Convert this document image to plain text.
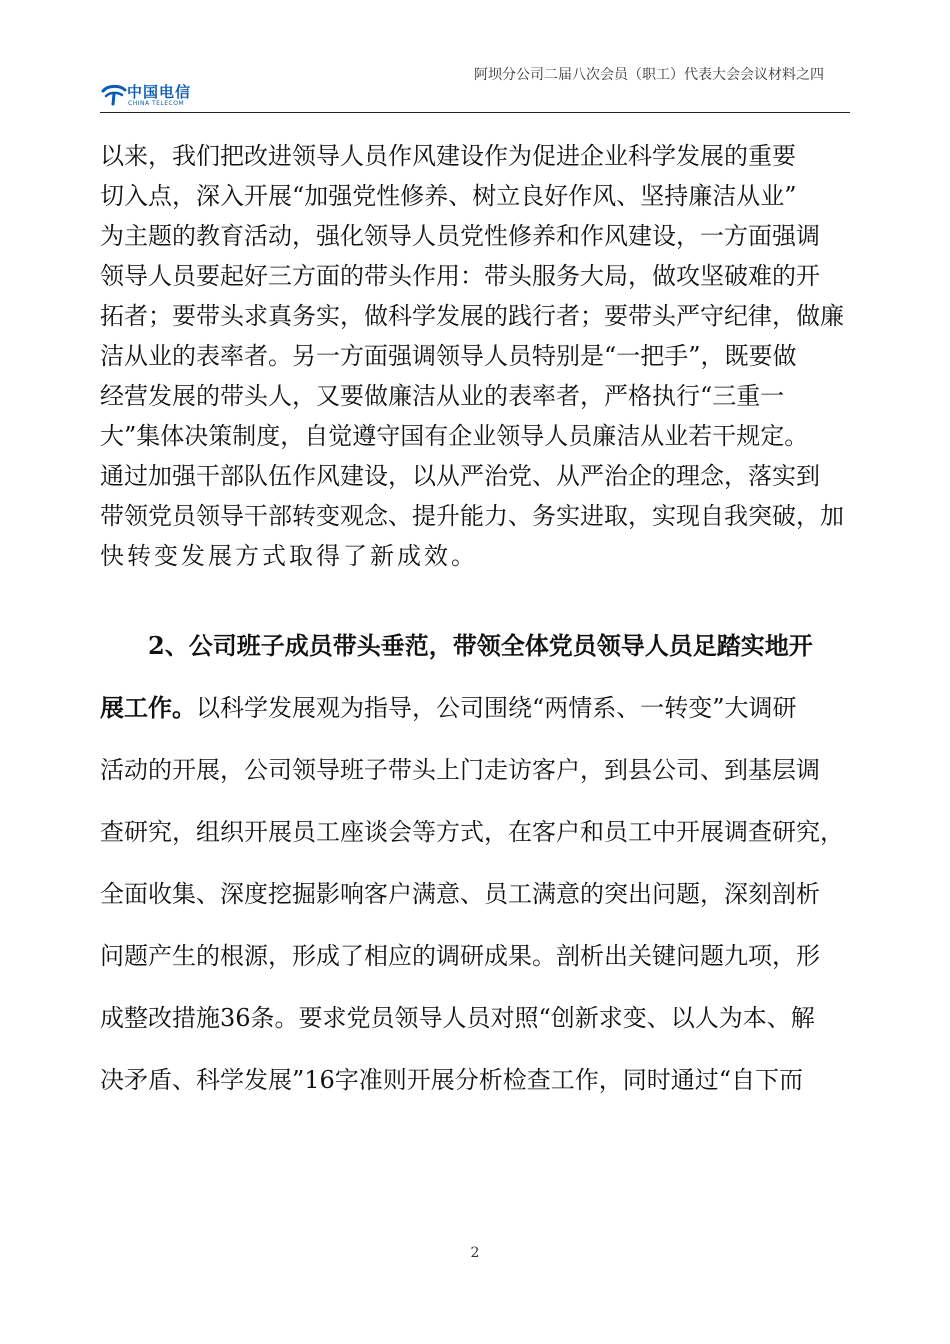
中国电信
CHINA TELECOM
阿坝分公司二届八次会员（职工）代表大会会议材料之四
以来，我们把改进领导人员作风建设作为促进企业科学发展的重要
切入点，深入开展“加强党性修养、树立良好作风、坚持廉洁从业”
为主题的教育活动，强化领导人员党性修养和作风建设，一方面强调
领导人员要起好三方面的带头作用：带头服务大局，做攻坚破难的开
拓者；要带头求真务实，做科学发展的践行者；要带头严守纪律，做廉
洁从业的表率者。另一方面强调领导人员特别是“一把手”，既要做
经营发展的带头人，又要做廉洁从业的表率者，严格执行“三重一
大”集体决策制度，自觉遵守国有企业领导人员廉洁从业若干规定。
通过加强干部队伍作风建设，以从严治党、从严治企的理念，落实到
带领党员领导干部转变观念、提升能力、务实进取，实现自我突破，加
快转变发展方式取得了新成效。
2、公司班子成员带头垂范，带领全体党员领导人员足踏实地开
展工作。以科学发展观为指导，公司围绕“两情系、一转变”大调研
活动的开展，公司领导班子带头上门走访客户，到县公司、到基层调
查研究，组织开展员工座谈会等方式，在客户和员工中开展调查研究，
全面收集、深度挖掘影响客户满意、员工满意的突出问题，深刻剖析
问题产生的根源，形成了相应的调研成果。剖析出关键问题九项，形
成整改措施36条。要求党员领导人员对照“创新求变、以人为本、解
决矛盾、科学发展”16字准则开展分析检查工作，同时通过“自下而
2
